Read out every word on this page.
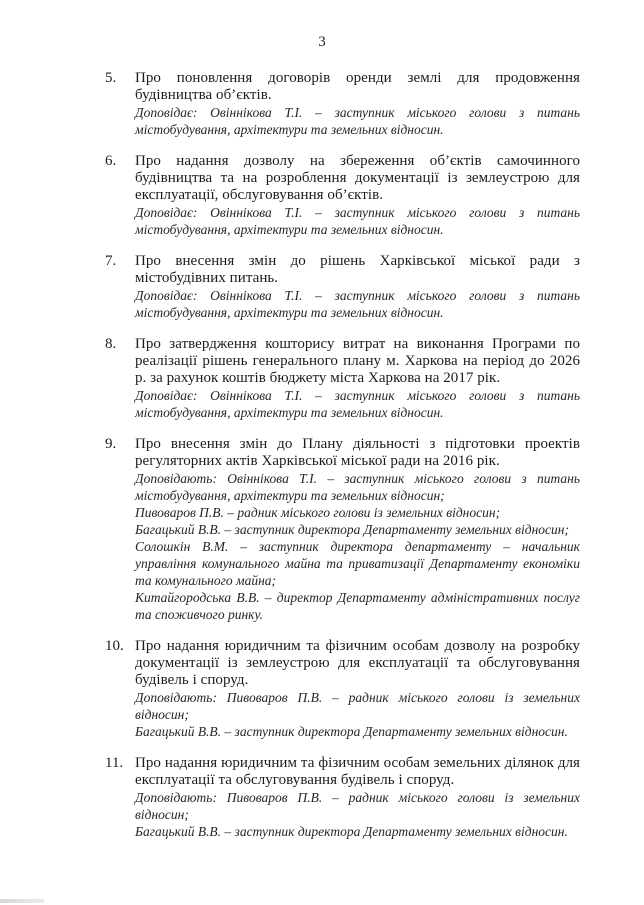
3
5. Про поновлення договорів оренди землі для продовження будівництва об’єктів.

Доповідає: Овіннікова Т.І. – заступник міського голови з питань містобудування, архітектури та земельних відносин.
6. Про надання дозволу на збереження об’єктів самочинного будівництва та на розроблення документації із землеустрою для експлуатації, обслуговування об’єктів.

Доповідає: Овіннікова Т.І. – заступник міського голови з питань містобудування, архітектури та земельних відносин.
7. Про внесення змін до рішень Харківської міської ради з містобудівних питань.

Доповідає: Овіннікова Т.І. – заступник міського голови з питань містобудування, архітектури та земельних відносин.
8. Про затвердження кошторису витрат на виконання Програми по реалізації рішень генерального плану м. Харкова на період до 2026 р. за рахунок коштів бюджету міста Харкова на 2017 рік.

Доповідає: Овіннікова Т.І. – заступник міського голови з питань містобудування, архітектури та земельних відносин.
9. Про внесення змін до Плану діяльності з підготовки проектів регуляторних актів Харківської міської ради на 2016 рік.

Доповідають: Овіннікова Т.І. – заступник міського голови з питань містобудування, архітектури та земельних відносин;
Пивоваров П.В. – радник міського голови із земельних відносин;
Багацький В.В. – заступник директора Департаменту земельних відносин;
Солошкін В.М. – заступник директора департаменту – начальник управління комунального майна та приватизації Департаменту економіки та комунального майна;
Китайгородська В.В. – директор Департаменту адміністративних послуг та споживчого ринку.
10. Про надання юридичним та фізичним особам дозволу на розробку документації із землеустрою для експлуатації та обслуговування будівель і споруд.

Доповідають: Пивоваров П.В. – радник міського голови із земельних відносин;
Багацький В.В. – заступник директора Департаменту земельних відносин.
11. Про надання юридичним та фізичним особам земельних ділянок для експлуатації та обслуговування будівель і споруд.

Доповідають: Пивоваров П.В. – радник міського голови із земельних відносин;
Багацький В.В. – заступник директора Департаменту земельних відносин.
